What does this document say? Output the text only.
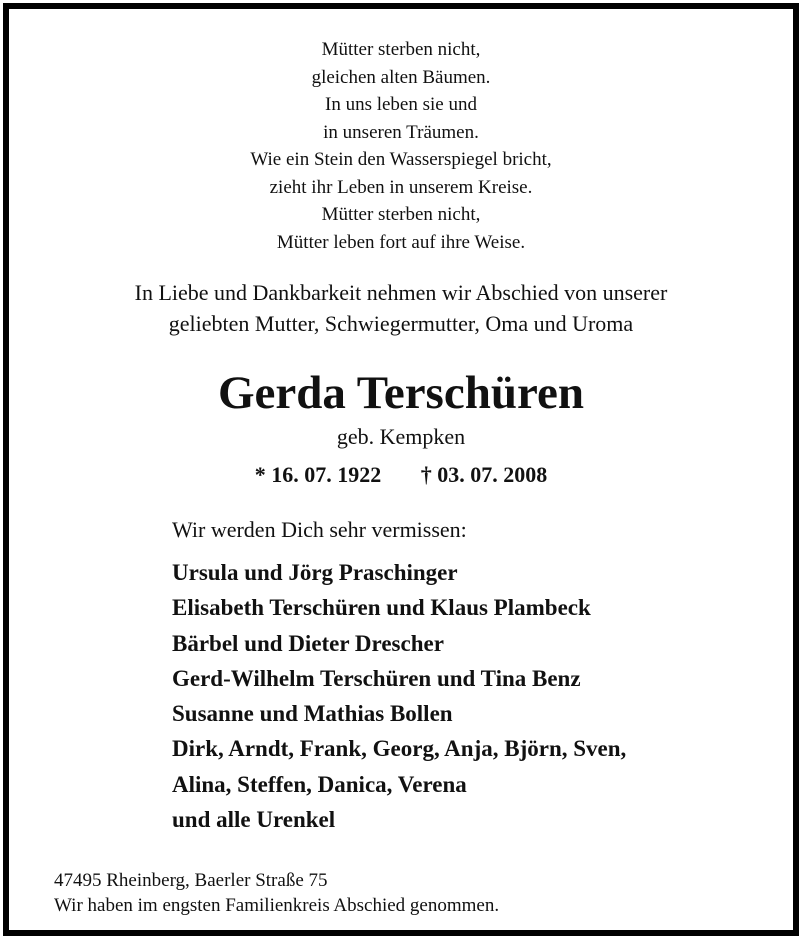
Mütter sterben nicht,
gleichen alten Bäumen.
In uns leben sie und
in unseren Träumen.
Wie ein Stein den Wasserspiegel bricht,
zieht ihr Leben in unserem Kreise.
Mütter sterben nicht,
Mütter leben fort auf ihre Weise.
In Liebe und Dankbarkeit nehmen wir Abschied von unserer
geliebten Mutter, Schwiegermutter, Oma und Uroma
Gerda Terschüren
geb. Kempken
* 16. 07. 1922 † 03. 07. 2008
Wir werden Dich sehr vermissen:
Ursula und Jörg Praschinger
Elisabeth Terschüren und Klaus Plambeck
Bärbel und Dieter Drescher
Gerd-Wilhelm Terschüren und Tina Benz
Susanne und Mathias Bollen
Dirk, Arndt, Frank, Georg, Anja, Björn, Sven,
Alina, Steffen, Danica, Verena
und alle Urenkel
47495 Rheinberg, Baerler Straße 75
Wir haben im engsten Familienkreis Abschied genommen.
